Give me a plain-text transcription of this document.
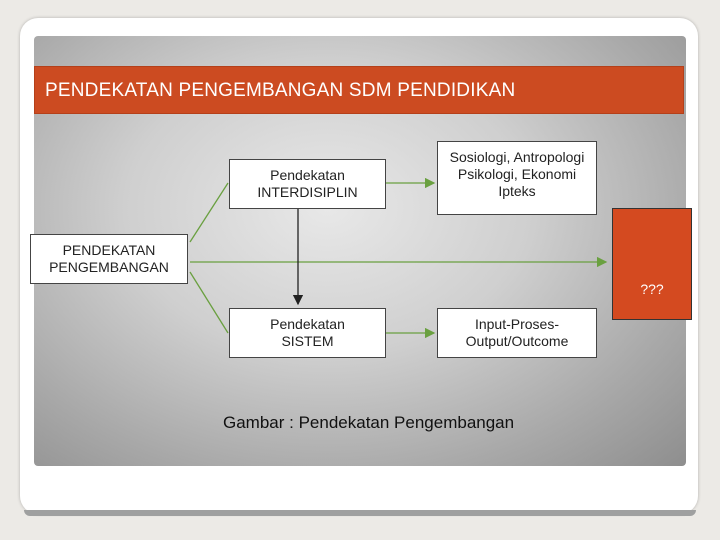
PENDEKATAN PENGEMBANGAN SDM PENDIDIKAN
Pendekatan INTERDISIPLIN
Sosiologi, Antropologi Psikologi, Ekonomi Ipteks
PENDEKATAN PENGEMBANGAN
Pendekatan SISTEM
Input-Proses-Output/Outcome
???
Gambar : Pendekatan Pengembangan
